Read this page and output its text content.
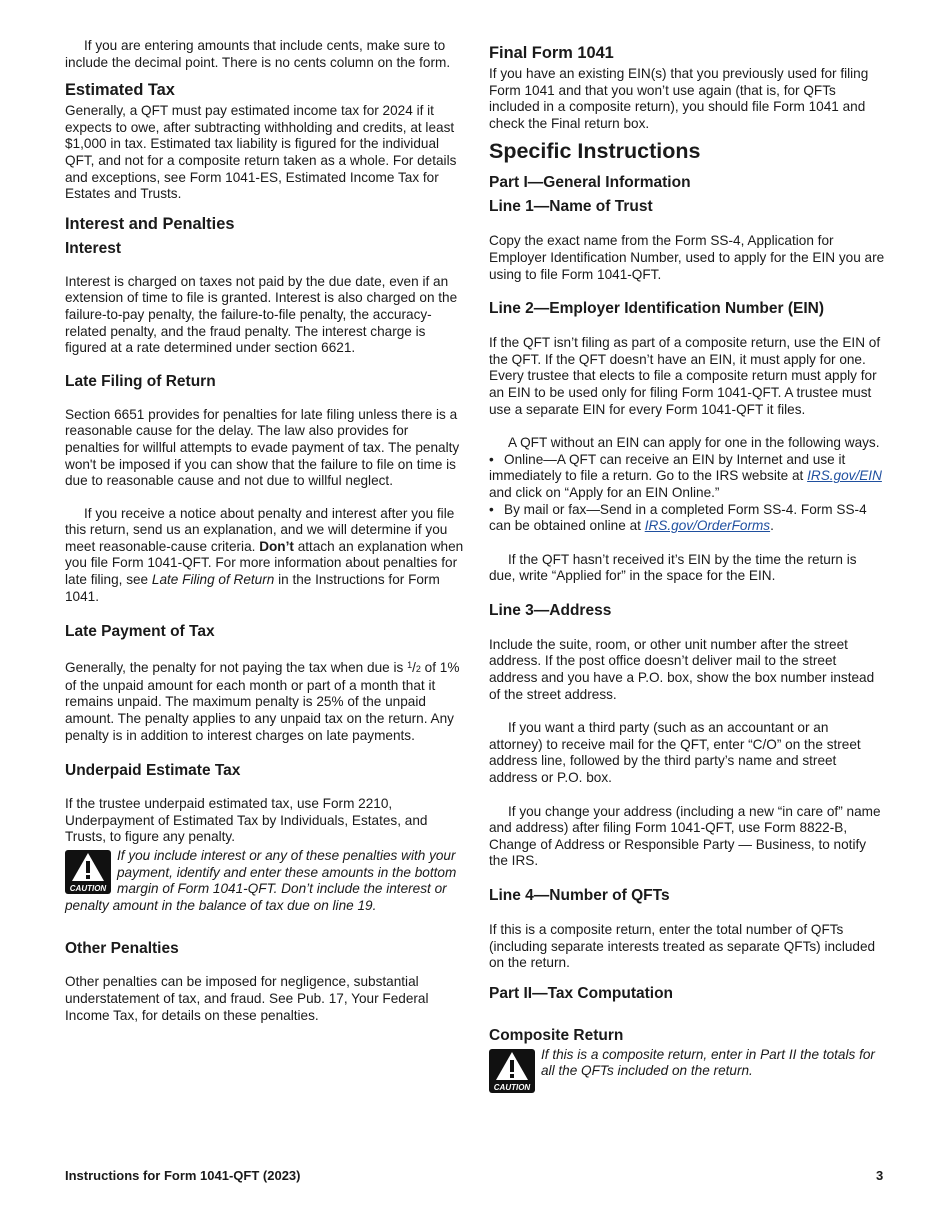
If you are entering amounts that include cents, make sure to include the decimal point. There is no cents column on the form.

Estimated Tax

Generally, a QFT must pay estimated income tax for 2024 if it expects to owe, after subtracting withholding and credits, at least $1,000 in tax. Estimated tax liability is figured for the individual QFT, and not for a composite return taken as a whole. For details and exceptions, see Form 1041-ES, Estimated Income Tax for Estates and Trusts.

Interest and Penalties
Interest

Interest is charged on taxes not paid by the due date, even if an extension of time to file is granted. Interest is also charged on the failure-to-pay penalty, the failure-to-file penalty, the accuracy-related penalty, and the fraud penalty. The interest charge is figured at a rate determined under section 6621.

Late Filing of Return

Section 6651 provides for penalties for late filing unless there is a reasonable cause for the delay. The law also provides for penalties for willful attempts to evade payment of tax. The penalty won't be imposed if you can show that the failure to file on time is due to reasonable cause and not due to willful neglect.

If you receive a notice about penalty and interest after you file this return, send us an explanation, and we will determine if you meet reasonable-cause criteria. Don’t attach an explanation when you file Form 1041-QFT. For more information about penalties for late filing, see Late Filing of Return in the Instructions for Form 1041.

Late Payment of Tax

Generally, the penalty for not paying the tax when due is $^1$/2 of 1% of the unpaid amount for each month or part of a month that it remains unpaid. The maximum penalty is 25% of the unpaid amount. The penalty applies to any unpaid tax on the return. Any penalty is in addition to interest charges on late payments.

Underpaid Estimate Tax

If the trustee underpaid estimated tax, use Form 2210, Underpayment of Estimated Tax by Individuals, Estates, and Trusts, to figure any penalty.

CAUTION
If you include interest or any of these penalties with your payment, identify and enter these amounts in the bottom margin of Form 1041-QFT. Don’t include the interest or penalty amount in the balance of tax due on line 19.
Other Penalties

Other penalties can be imposed for negligence, substantial understatement of tax, and fraud. See Pub. 17, Your Federal Income Tax, for details on these penalties.

Final Form 1041

If you have an existing EIN(s) that you previously used for filing Form 1041 and that you won’t use again (that is, for QFTs included in a composite return), you should file Form 1041 and check the Final return box.

Specific Instructions
Part I—General Information
Line 1—Name of Trust

Copy the exact name from the Form SS-4, Application for Employer Identification Number, used to apply for the EIN you are using to file Form 1041-QFT.

Line 2—Employer Identification Number (EIN)

If the QFT isn’t filing as part of a composite return, use the EIN of the QFT. If the QFT doesn’t have an EIN, it must apply for one. Every trustee that elects to file a composite return must apply for an EIN to be used only for filing Form 1041-QFT. A trustee must use a separate EIN for every Form 1041-QFT it files.

A QFT without an EIN can apply for one in the following ways.

• Online—A QFT can receive an EIN by Internet and use it immediately to file a return. Go to the IRS website at IRS.gov/EIN and click on “Apply for an EIN Online.”

• By mail or fax—Send in a completed Form SS-4. Form SS-4 can be obtained online at IRS.gov/OrderForms.

If the QFT hasn’t received it’s EIN by the time the return is due, write “Applied for” in the space for the EIN.

Line 3—Address

Include the suite, room, or other unit number after the street address. If the post office doesn’t deliver mail to the street address and you have a P.O. box, show the box number instead of the street address.

If you want a third party (such as an accountant or an attorney) to receive mail for the QFT, enter “C/O” on the street address line, followed by the third party’s name and street address or P.O. box.

If you change your address (including a new “in care of” name and address) after filing Form 1041-QFT, use Form 8822-B, Change of Address or Responsible Party — Business, to notify the IRS.

Line 4—Number of QFTs

If this is a composite return, enter the total number of QFTs (including separate interests treated as separate QFTs) included on the return.

Part II—Tax Computation
Composite Return
CAUTION
If this is a composite return, enter in Part II the totals for all the QFTs included on the return.
Instructions for Form 1041-QFT (2023)	3
